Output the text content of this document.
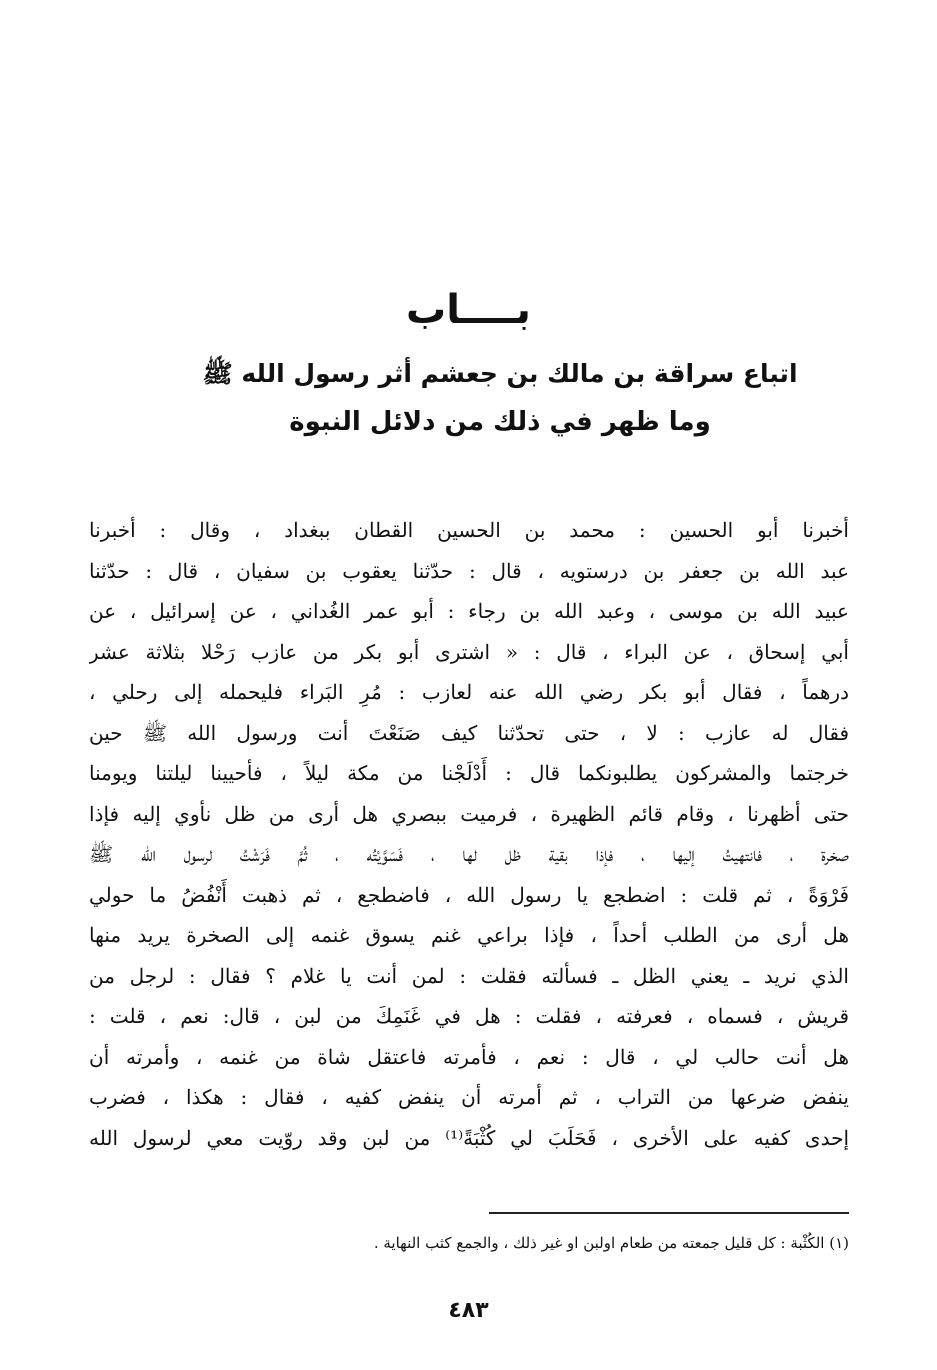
بــــاب
اتباع سراقة بن مالك بن جعشم أثر رسول الله ﷺ
وما ظهر في ذلك من دلائل النبوة
أخبرنا أبو الحسين : محمد بن الحسين القطان ببغداد ، وقال : أخبرنا
عبد الله بن جعفر بن درستويه ، قال : حدّثنا يعقوب بن سفيان ، قال : حدّثنا
عبيد الله بن موسى ، وعبد الله بن رجاء : أبو عمر الغُداني ، عن إسرائيل ، عن
أبي إسحاق ، عن البراء ، قال : « اشترى أبو بكر من عازب رَحْلا بثلاثة عشر
درهماً ، فقال أبو بكر رضي الله عنه لعازب : مُرِ البَراء فليحمله إلى رحلي ،
فقال له عازب : لا ، حتى تحدّثنا كيف صَنَعْتَ أنت ورسول الله ﷺ حين
خرجتما والمشركون يطلبونكما قال : أَدْلَجْنا من مكة ليلاً ، فأحيينا ليلتنا ويومنا
حتى أظهرنا ، وقام قائم الظهيرة ، فرميت ببصري هل أرى من ظل نأوي إليه فإذا
صخرة ، فانتهيتُ إليها ، فإذا بقية ظل لها ، فَسَوَّيْتُه ، ثُمَّ فَرَشْتُ لرسول الله ﷺ
فَرْوَةً ، ثم قلت : اضطجع يا رسول الله ، فاضطجع ، ثم ذهبت أَنْفُضُ ما حولي
هل أرى من الطلب أحداً ، فإذا براعي غنم يسوق غنمه إلى الصخرة يريد منها
الذي نريد ـ يعني الظل ـ فسألته فقلت : لمن أنت يا غلام ؟ فقال : لرجل من
قريش ، فسماه ، فعرفته ، فقلت : هل في غَنَمِكَ من لبن ، قال: نعم ، قلت :
هل أنت حالب لي ، قال : نعم ، فأمرته فاعتقل شاة من غنمه ، وأمرته أن
ينفض ضرعها من التراب ، ثم أمرته أن ينفض كفيه ، فقال : هكذا ، فضرب
إحدى كفيه على الأخرى ، فَحَلَبَ لي كُثْبَةً⁽¹⁾ من لبن وقد روّيت معي لرسول الله
(١) الكُثْبة : كل قليل جمعته من طعام اولبن او غير ذلك ، والجمع كثب النهاية .
٤٨٣
